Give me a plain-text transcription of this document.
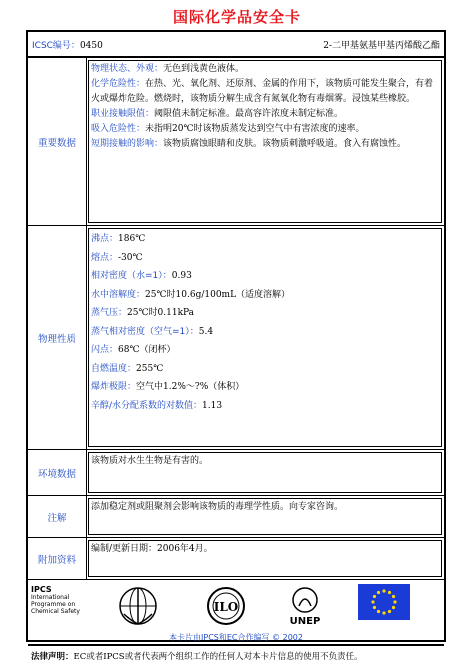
国际化学品安全卡
ICSC编号：0450	2-二甲基氨基甲基丙烯酸乙酯
重要数据
物理状态、外观：无色到浅黄色液体。
化学危险性：在热、光、氧化剂、还原剂、金属的作用下，该物质可能发生聚合，有着火或爆炸危险。燃烧时，该物质分解生成含有氮氧化物有毒烟雾。浸蚀某些橡胶。
职业接触限值：阈限值未制定标准。最高容许浓度未制定标准。
吸入危险性：未指明20℃时该物质蒸发达到空气中有害浓度的速率。
短期接触的影响：该物质腐蚀眼睛和皮肤。该物质刺激呼吸道。食入有腐蚀性。
物理性质
沸点：186℃
熔点：-30℃
相对密度（水=1）：0.93
水中溶解度：25℃时10.6g/100mL（适度溶解）
蒸气压：25℃时0.11kPa
蒸气相对密度（空气=1）：5.4
闪点：68℃（闭杯）
自燃温度：255℃
爆炸极限：空气中1.2%～?%（体积）
辛醇/水分配系数的对数值：1.13
环境数据
该物质对水生生物是有害的。
注解
添加稳定剂或阻聚剂会影响该物质的毒理学性质。向专家咨询。
附加资料
编制/更新日期：2006年4月。
IPCS
International
Programme on
Chemical Safety	ILO
UNEP
本卡片由IPCS和EC合作编写 © 2002
法律声明：EC或者IPCS或者代表两个组织工作的任何人对本卡片信息的使用不负责任。
